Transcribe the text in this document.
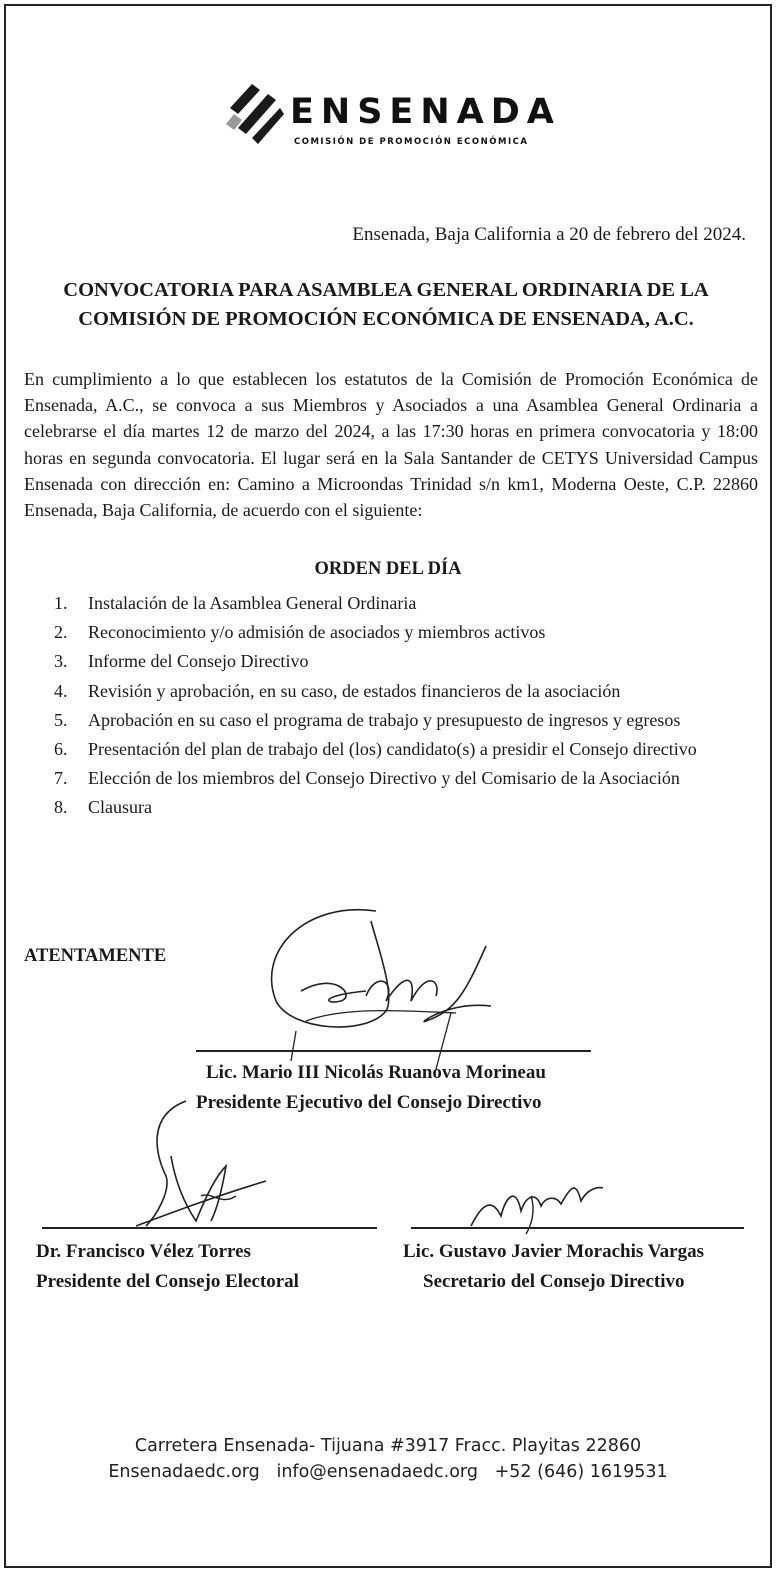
ENSENADA
COMISIÓN DE PROMOCIÓN ECONÓMICA
Ensenada, Baja California a 20 de febrero del 2024.
CONVOCATORIA PARA ASAMBLEA GENERAL ORDINARIA DE LA
COMISIÓN DE PROMOCIÓN ECONÓMICA DE ENSENADA, A.C.
En cumplimiento a lo que establecen los estatutos de la Comisión de Promoción Económica de Ensenada, A.C., se convoca a sus Miembros y Asociados a una Asamblea General Ordinaria a celebrarse el día martes 12 de marzo del 2024, a las 17:30 horas en primera convocatoria y 18:00 horas en segunda convocatoria. El lugar será en la Sala Santander de CETYS Universidad Campus Ensenada con dirección en: Camino a Microondas Trinidad s/n km1, Moderna Oeste, C.P. 22860 Ensenada, Baja California, de acuerdo con el siguiente:
ORDEN DEL DÍA
1. Instalación de la Asamblea General Ordinaria
2. Reconocimiento y/o admisión de asociados y miembros activos
3. Informe del Consejo Directivo
4. Revisión y aprobación, en su caso, de estados financieros de la asociación
5. Aprobación en su caso el programa de trabajo y presupuesto de ingresos y egresos
6. Presentación del plan de trabajo del (los) candidato(s) a presidir el Consejo directivo
7. Elección de los miembros del Consejo Directivo y del Comisario de la Asociación
8. Clausura
ATENTAMENTE
Lic. Mario III Nicolás Ruanova Morineau
Presidente Ejecutivo del Consejo Directivo
Dr. Francisco Vélez Torres
Presidente del Consejo Electoral
Lic. Gustavo Javier Morachis Vargas
Secretario del Consejo Directivo
Carretera Ensenada- Tijuana #3917 Fracc. Playitas 22860
Ensenadaedc.org   info@ensenadaedc.org   +52 (646) 1619531
